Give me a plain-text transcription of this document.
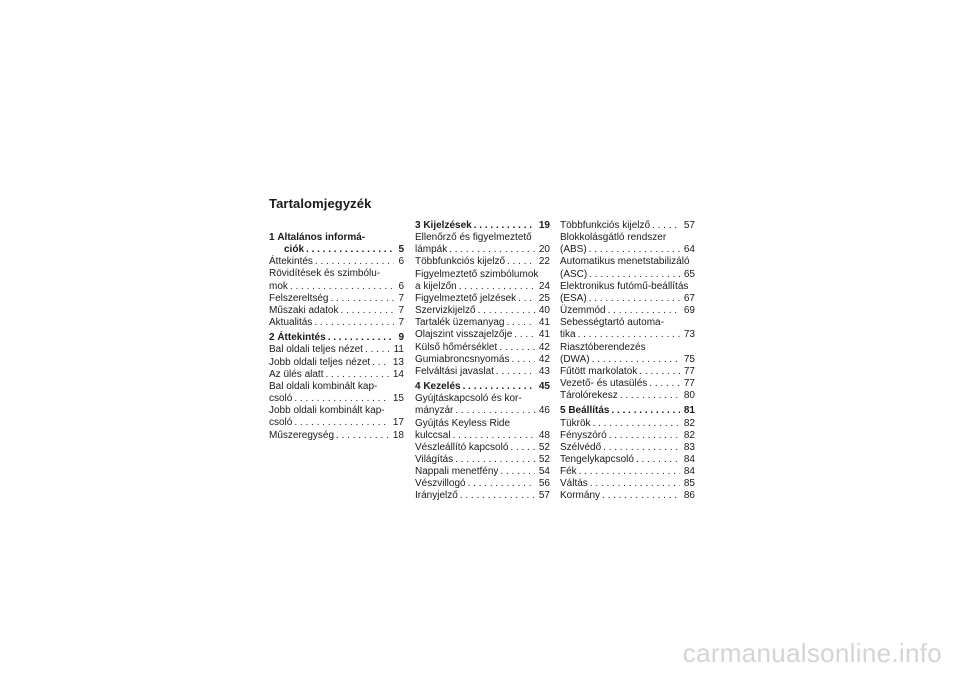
Tartalomjegyzék
1 Általános informá-
ciók . . .	5
Áttekintés . . .	6
Rövidítések és szimbólu-
mok . . .	6
Felszereltség . . .	7
Műszaki adatok . . .	7
Aktualitás . . .	7
2 Áttekintés . . .	9
Bal oldali teljes nézet . . .	11
Jobb oldali teljes nézet . . .	13
Az ülés alatt . . .	14
Bal oldali kombinált kap-
csoló . . .	15
Jobb oldali kombinált kap-
csoló . . .	17
Műszeregység . . .	18
3 Kijelzések . . .	19
Ellenőrző és figyelmeztető
lámpák . . .	20
Többfunkciós kijelző . . .	22
Figyelmeztető szimbólumok
a kijelzőn . . .	24
Figyelmeztető jelzések . . .	25
Szervizkijelző . . .	40
Tartalék üzemanyag . . .	41
Olajszint visszajelzője . . .	41
Külső hőmérséklet . . .	42
Gumiabroncsnyomás . . .	42
Felváltási javaslat . . .	43
4 Kezelés . . .	45
Gyújtáskapcsoló és kor-
mányzár . . .	46
Gyújtás Keyless Ride
kulccsal . . .	48
Vészleállító kapcsoló . . .	52
Világítás . . .	52
Nappali menetfény . . .	54
Vészvillogó . . .	56
Irányjelző . . .	57
Többfunkciós kijelző . . .	57
Blokkolásgátló rendszer
(ABS) . . .	64
Automatikus menetstabilizáló
(ASC) . . .	65
Elektronikus futómű-beállítás
(ESA) . . .	67
Üzemmód . . .	69
Sebességtartó automa-
tika . . .	73
Riasztóberendezés
(DWA) . . .	75
Fűtött markolatok . . .	77
Vezető- és utasülés . . .	77
Tárolórekesz . . .	80
5 Beállítás . . .	81
Tükrök . . .	82
Fényszóró . . .	82
Szélvédő . . .	83
Tengelykapcsoló . . .	84
Fék . . .	84
Váltás . . .	85
Kormány . . .	86
carmanualsonline.info
